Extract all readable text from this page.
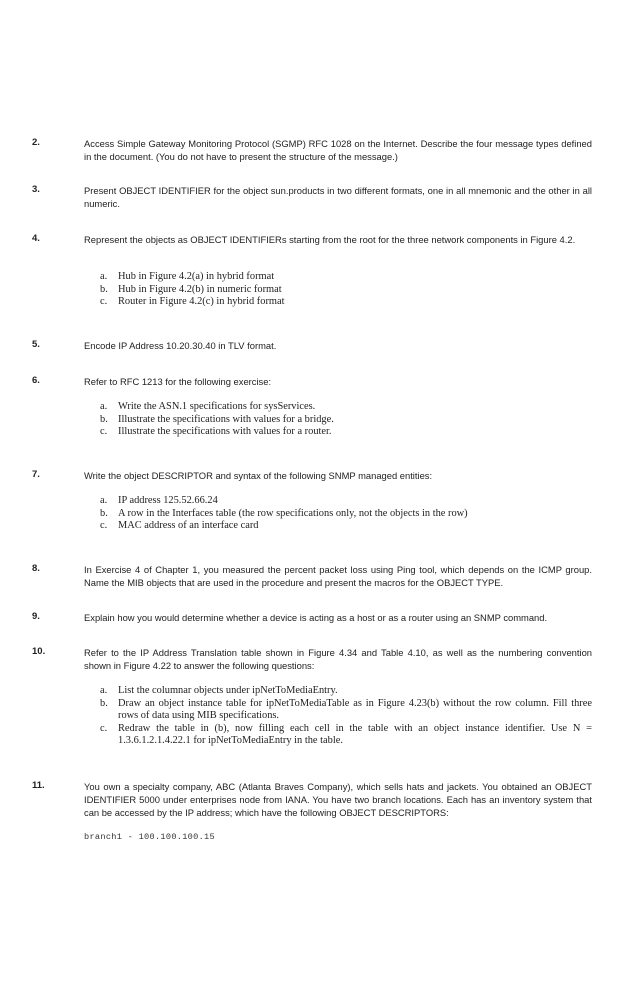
2.	Access Simple Gateway Monitoring Protocol (SGMP) RFC 1028 on the Internet. Describe the four message types defined in the document. (You do not have to present the structure of the message.)
3.	Present OBJECT IDENTIFIER for the object sun.products in two different formats, one in all mnemonic and the other in all numeric.
4.	Represent the objects as OBJECT IDENTIFIERs starting from the root for the three network components in Figure 4.2.
a. Hub in Figure 4.2(a) in hybrid format
b. Hub in Figure 4.2(b) in numeric format
c. Router in Figure 4.2(c) in hybrid format
5.	Encode IP Address 10.20.30.40 in TLV format.
6.	Refer to RFC 1213 for the following exercise:
a. Write the ASN.1 specifications for sysServices.
b. Illustrate the specifications with values for a bridge.
c. Illustrate the specifications with values for a router.
7.	Write the object DESCRIPTOR and syntax of the following SNMP managed entities:
a. IP address 125.52.66.24
b. A row in the Interfaces table (the row specifications only, not the objects in the row)
c. MAC address of an interface card
8.	In Exercise 4 of Chapter 1, you measured the percent packet loss using Ping tool, which depends on the ICMP group. Name the MIB objects that are used in the procedure and present the macros for the OBJECT TYPE.
9.	Explain how you would determine whether a device is acting as a host or as a router using an SNMP command.
10.	Refer to the IP Address Translation table shown in Figure 4.34 and Table 4.10, as well as the numbering convention shown in Figure 4.22 to answer the following questions:
a. List the columnar objects under ipNetToMediaEntry.
b. Draw an object instance table for ipNetToMediaTable as in Figure 4.23(b) without the row column. Fill three rows of data using MIB specifications.
c. Redraw the table in (b), now filling each cell in the table with an object instance identifier. Use N = 1.3.6.1.2.1.4.22.1 for ipNetToMediaEntry in the table.
11.	You own a specialty company, ABC (Atlanta Braves Company), which sells hats and jackets. You obtained an OBJECT IDENTIFIER 5000 under enterprises node from IANA. You have two branch locations. Each has an inventory system that can be accessed by the IP address; which have the following OBJECT DESCRIPTORS:
branch1 - 100.100.100.15
